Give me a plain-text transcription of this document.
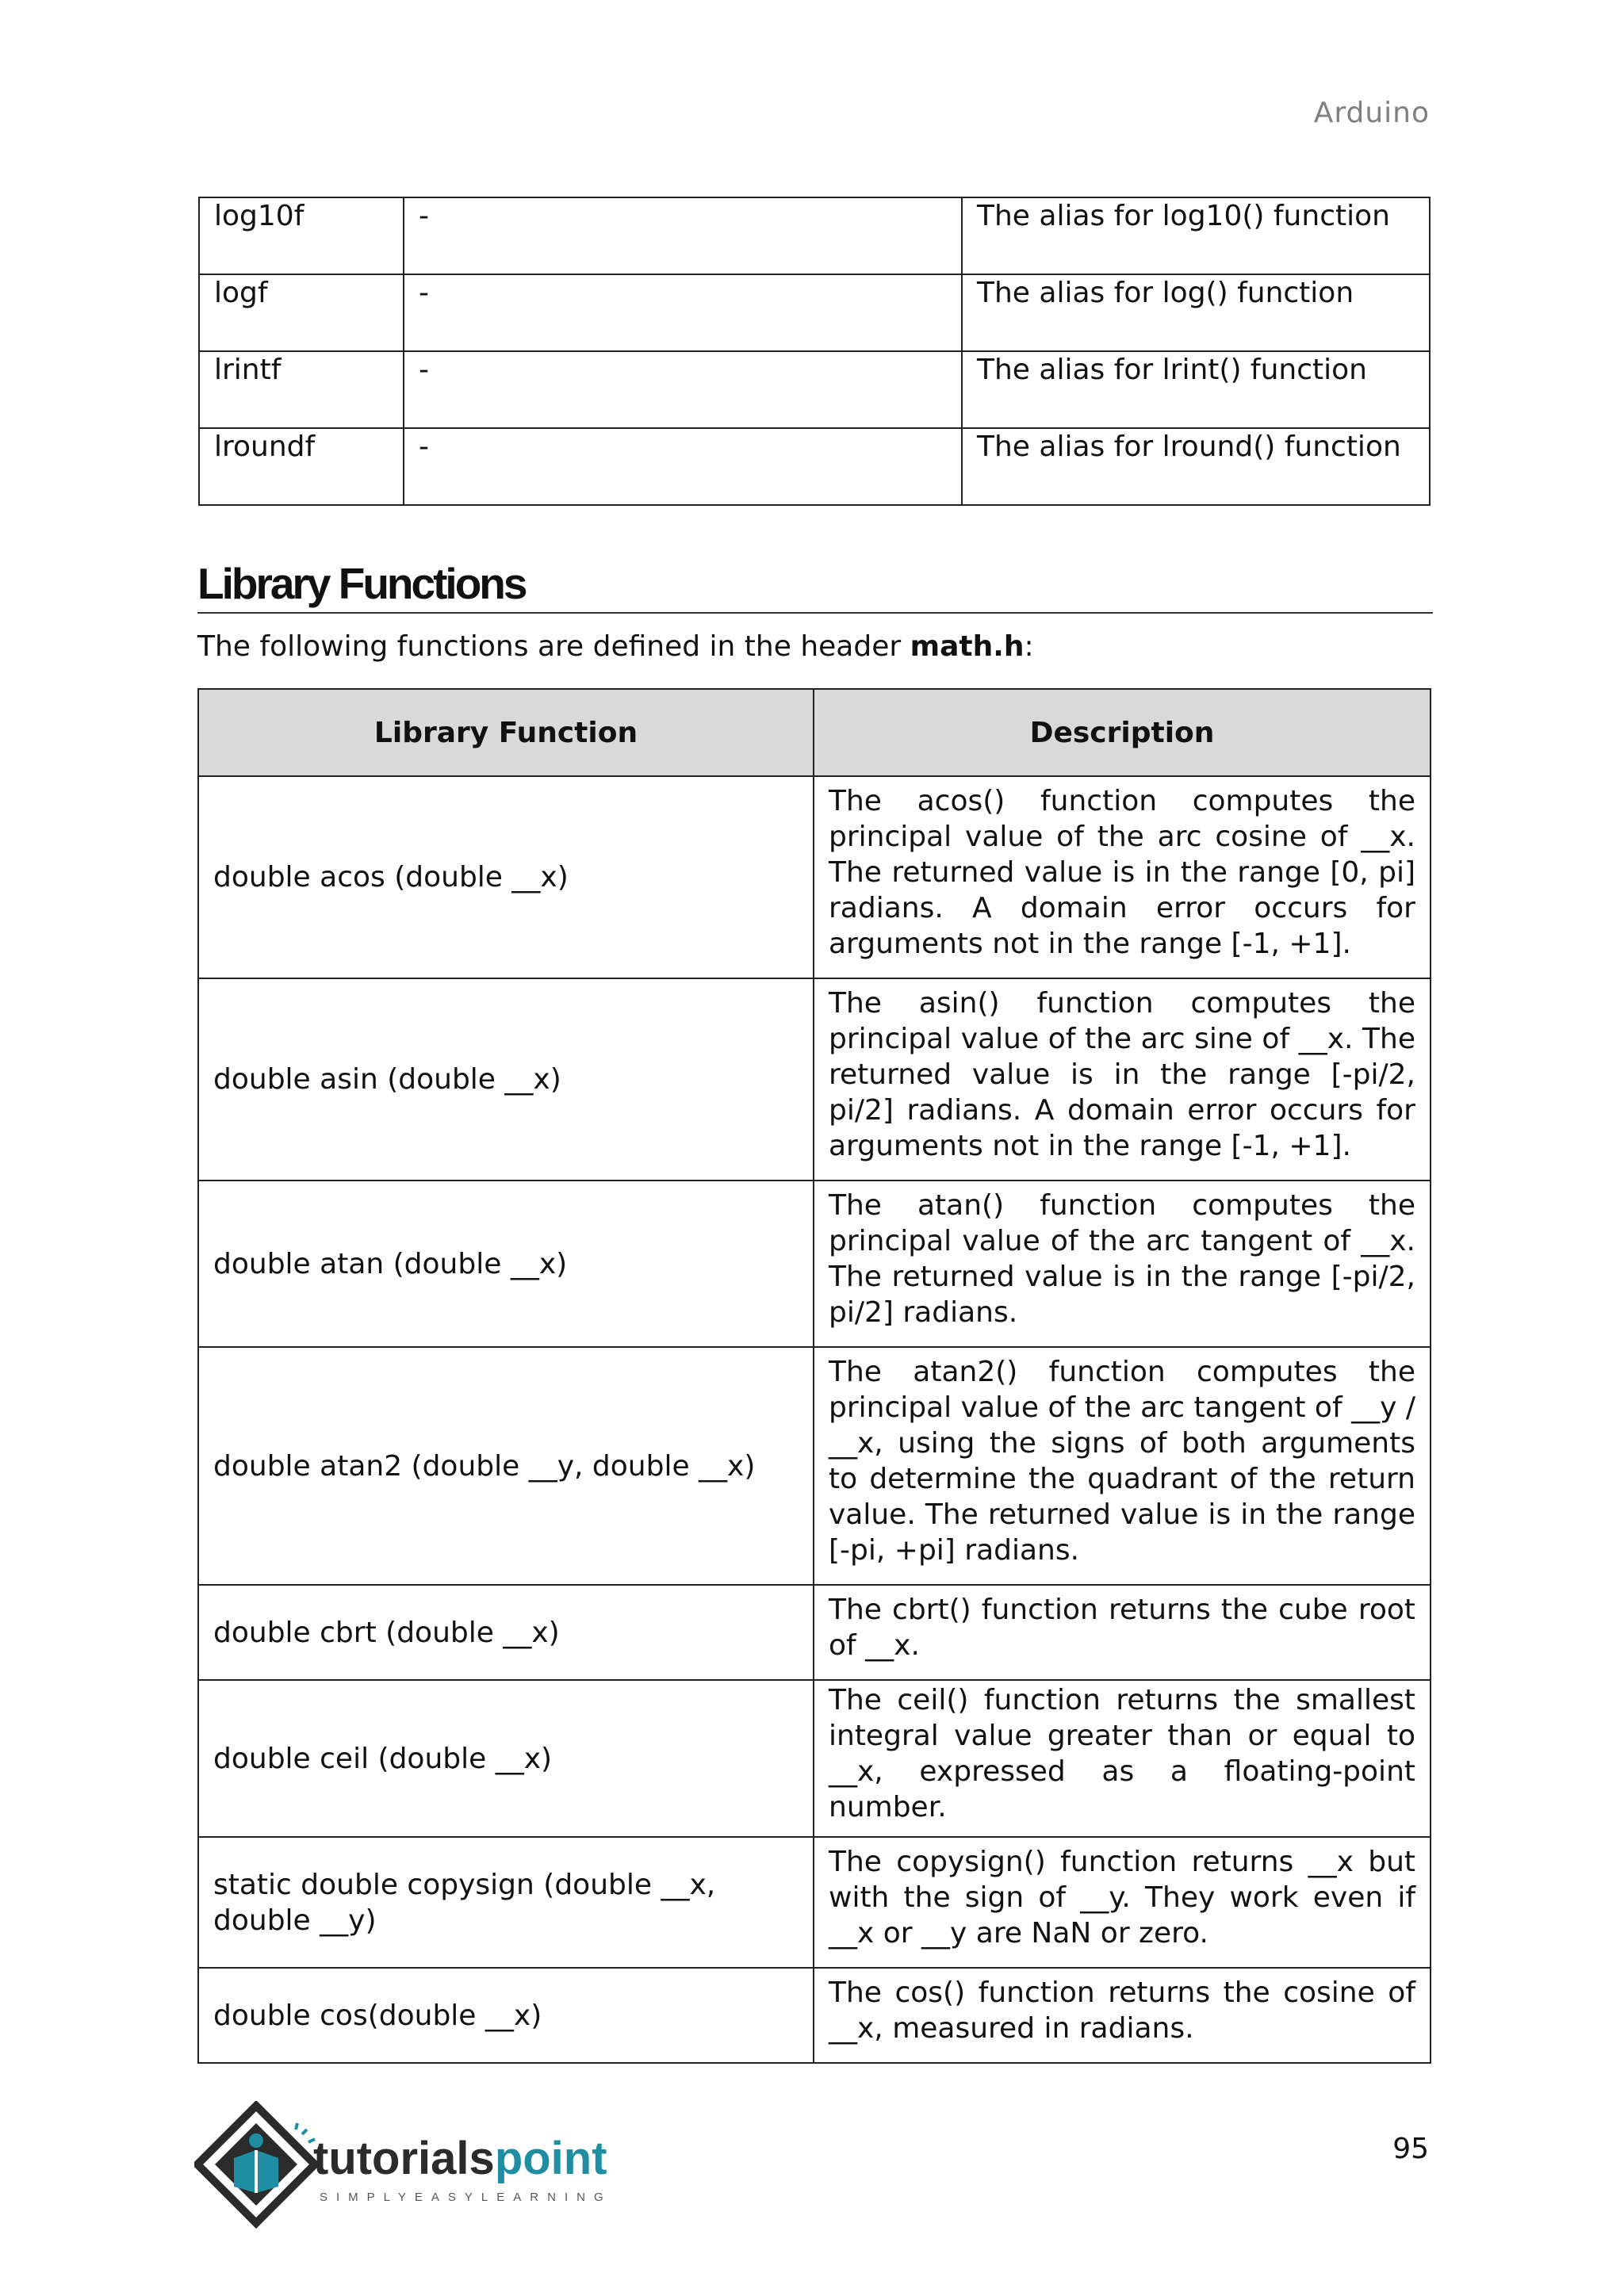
Arduino
log10f	-	The alias for log10() function
logf	-	The alias for log() function
lrintf	-	The alias for lrint() function
lroundf	-	The alias for lround() function
Library Functions

The following functions are defined in the header math.h:

Library Function	Description
double acos (double __x)	The acos() function computes the principal value of the arc cosine of __x. The returned value is in the range [0, pi] radians. A domain error occurs for arguments not in the range [-1, +1].
double asin (double __x)	The asin() function computes the principal value of the arc sine of __x. The returned value is in the range [-pi/2, pi/2] radians. A domain error occurs for arguments not in the range [-1, +1].
double atan (double __x)	The atan() function computes the principal value of the arc tangent of __x. The returned value is in the range [-pi/2, pi/2] radians.
double atan2 (double __y, double __x)	The atan2() function computes the principal value of the arc tangent of __y / __x, using the signs of both arguments to determine the quadrant of the return value. The returned value is in the range [-pi, +pi] radians.
double cbrt (double __x)	The cbrt() function returns the cube root of __x.
double ceil (double __x)	The ceil() function returns the smallest integral value greater than or equal to __x, expressed as a floating-point number.
static double copysign (double __x, double __y)	The copysign() function returns __x but with the sign of __y. They work even if __x or __y are NaN or zero.
double cos(double __x)	The cos() function returns the cosine of __x, measured in radians.
tutorialspoint
SIMPLYEASYLEARNING
95
